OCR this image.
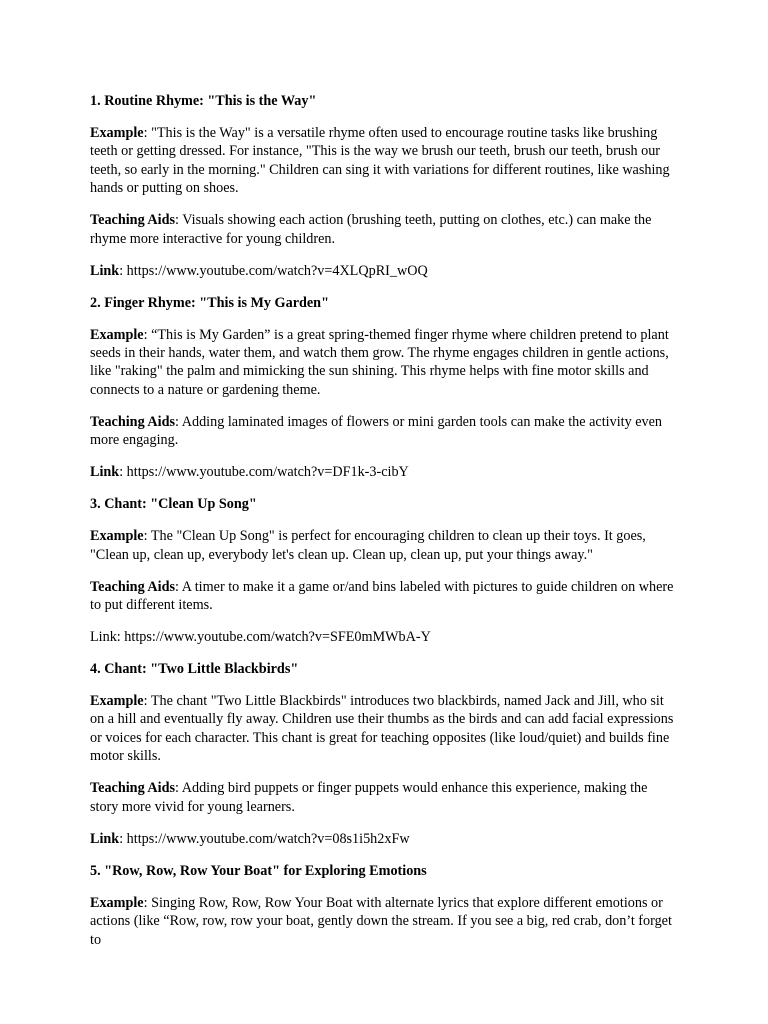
1. Routine Rhyme: "This is the Way"

Example: "This is the Way" is a versatile rhyme often used to encourage routine tasks like brushing teeth or getting dressed. For instance, "This is the way we brush our teeth, brush our teeth, brush our teeth, so early in the morning." Children can sing it with variations for different routines, like washing hands or putting on shoes.

Teaching Aids: Visuals showing each action (brushing teeth, putting on clothes, etc.) can make the rhyme more interactive for young children.

Link: https://www.youtube.com/watch?v=4XLQpRI_wOQ

2. Finger Rhyme: "This is My Garden"

Example: “This is My Garden” is a great spring-themed finger rhyme where children pretend to plant seeds in their hands, water them, and watch them grow. The rhyme engages children in gentle actions, like "raking" the palm and mimicking the sun shining. This rhyme helps with fine motor skills and connects to a nature or gardening theme.

Teaching Aids: Adding laminated images of flowers or mini garden tools can make the activity even more engaging.

Link: https://www.youtube.com/watch?v=DF1k-3-cibY

3. Chant: "Clean Up Song"

Example: The "Clean Up Song" is perfect for encouraging children to clean up their toys. It goes, "Clean up, clean up, everybody let's clean up. Clean up, clean up, put your things away."

Teaching Aids: A timer to make it a game or/and bins labeled with pictures to guide children on where to put different items.

Link: https://www.youtube.com/watch?v=SFE0mMWbA-Y

4. Chant: "Two Little Blackbirds"

Example: The chant "Two Little Blackbirds" introduces two blackbirds, named Jack and Jill, who sit on a hill and eventually fly away. Children use their thumbs as the birds and can add facial expressions or voices for each character. This chant is great for teaching opposites (like loud/quiet) and builds fine motor skills.

Teaching Aids: Adding bird puppets or finger puppets would enhance this experience, making the story more vivid for young learners.

Link: https://www.youtube.com/watch?v=08s1i5h2xFw

5. "Row, Row, Row Your Boat" for Exploring Emotions

Example: Singing Row, Row, Row Your Boat with alternate lyrics that explore different emotions or actions (like “Row, row, row your boat, gently down the stream. If you see a big, red crab, don’t forget to
